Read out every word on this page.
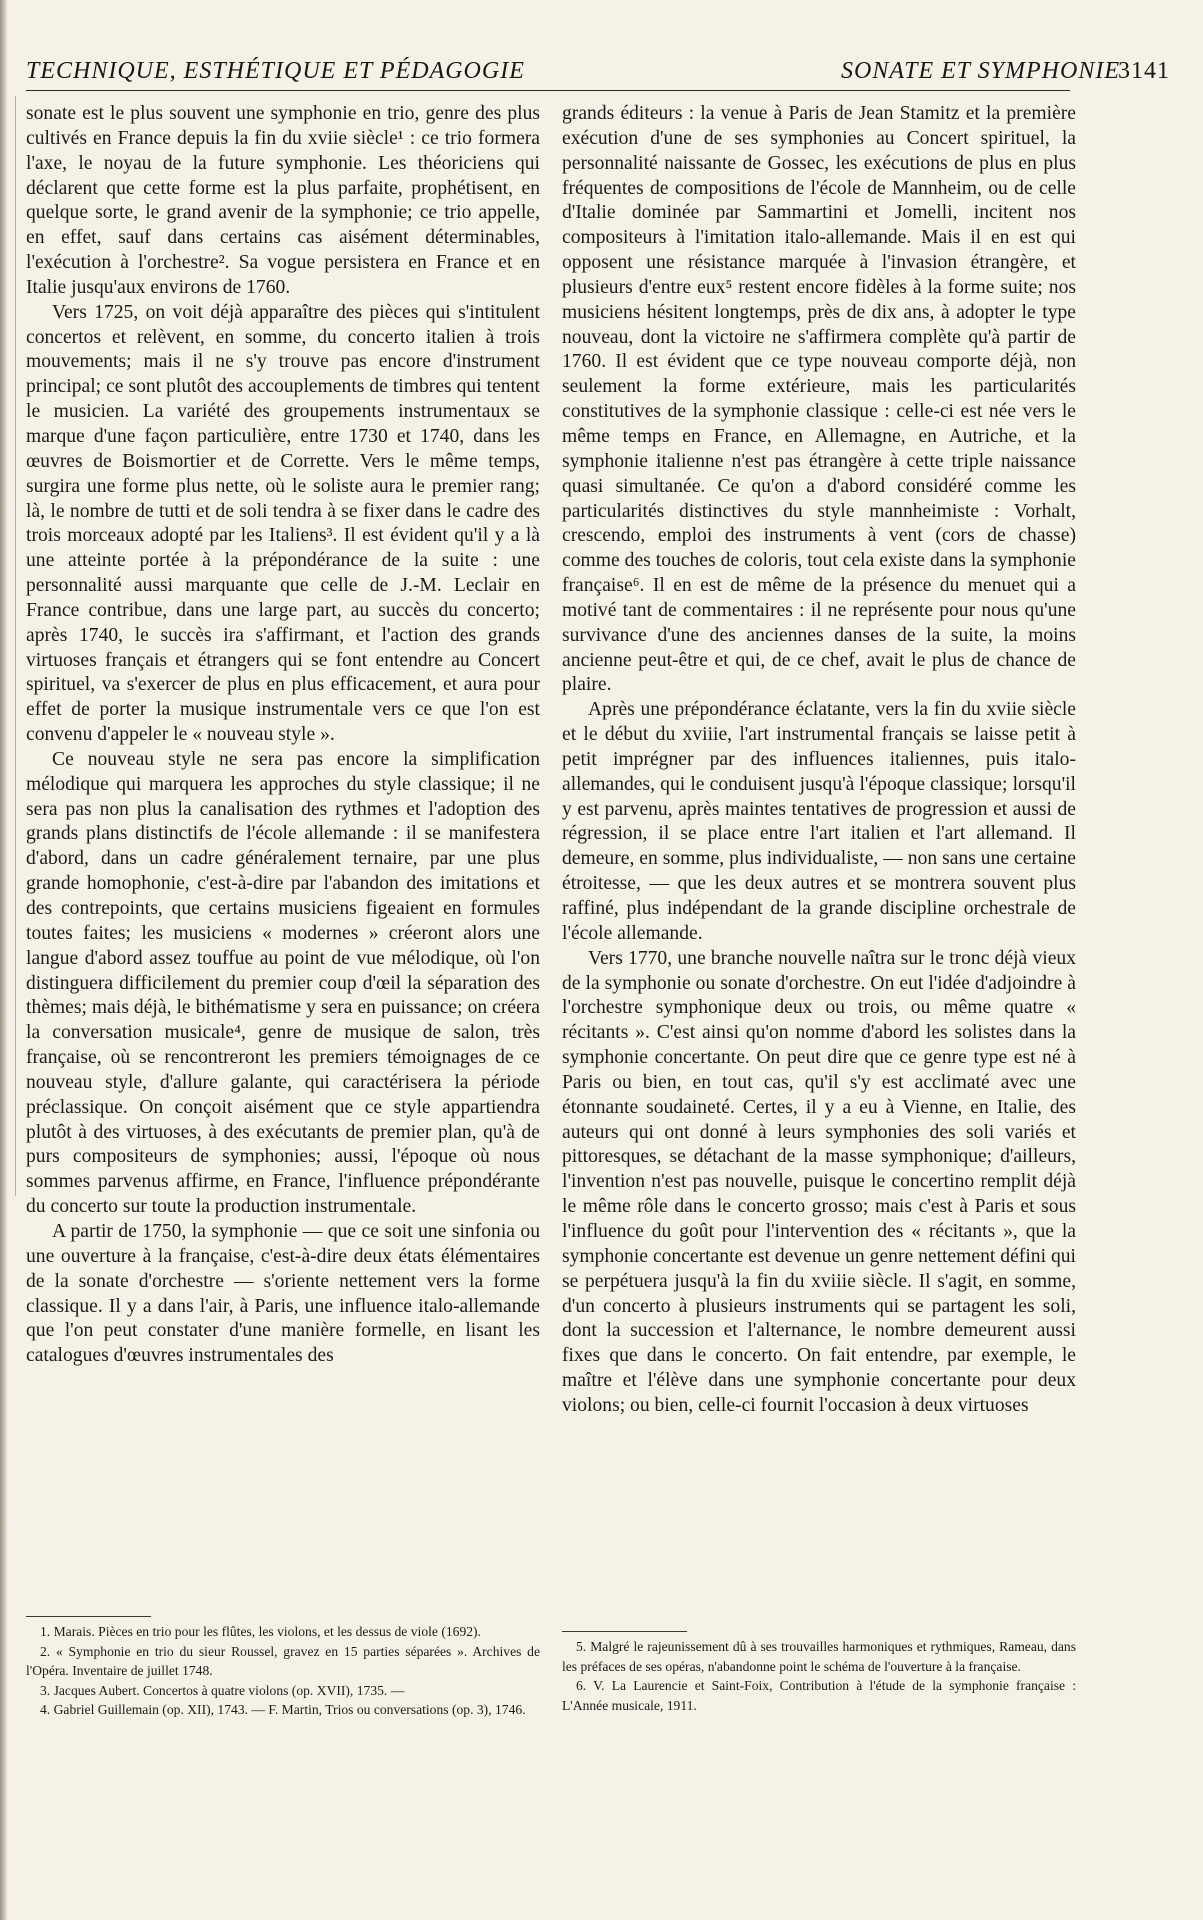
TECHNIQUE, ESTHÉTIQUE ET PÉDAGOGIE	SONATE ET SYMPHONIE
3141

sonate est le plus souvent une symphonie en trio, genre des plus cultivés en France depuis la fin du xviie siècle¹ : ce trio formera l'axe, le noyau de la future symphonie. Les théoriciens qui déclarent que cette forme est la plus parfaite, prophétisent, en quelque sorte, le grand avenir de la symphonie; ce trio appelle, en effet, sauf dans certains cas aisément déterminables, l'exécution à l'orchestre². Sa vogue persistera en France et en Italie jusqu'aux environs de 1760.

Vers 1725, on voit déjà apparaître des pièces qui s'intitulent concertos et relèvent, en somme, du concerto italien à trois mouvements; mais il ne s'y trouve pas encore d'instrument principal; ce sont plutôt des accouplements de timbres qui tentent le musicien. La variété des groupements instrumentaux se marque d'une façon particulière, entre 1730 et 1740, dans les œuvres de Boismortier et de Corrette. Vers le même temps, surgira une forme plus nette, où le soliste aura le premier rang; là, le nombre de tutti et de soli tendra à se fixer dans le cadre des trois morceaux adopté par les Italiens³. Il est évident qu'il y a là une atteinte portée à la prépondérance de la suite : une personnalité aussi marquante que celle de J.-M. Leclair en France contribue, dans une large part, au succès du concerto; après 1740, le succès ira s'affirmant, et l'action des grands virtuoses français et étrangers qui se font entendre au Concert spirituel, va s'exercer de plus en plus efficacement, et aura pour effet de porter la musique instrumentale vers ce que l'on est convenu d'appeler le « nouveau style ».

Ce nouveau style ne sera pas encore la simplification mélodique qui marquera les approches du style classique; il ne sera pas non plus la canalisation des rythmes et l'adoption des grands plans distinctifs de l'école allemande : il se manifestera d'abord, dans un cadre généralement ternaire, par une plus grande homophonie, c'est-à-dire par l'abandon des imitations et des contrepoints, que certains musiciens figeaient en formules toutes faites; les musiciens « modernes » créeront alors une langue d'abord assez touffue au point de vue mélodique, où l'on distinguera difficilement du premier coup d'œil la séparation des thèmes; mais déjà, le bithématisme y sera en puissance; on créera la conversation musicale⁴, genre de musique de salon, très française, où se rencontreront les premiers témoignages de ce nouveau style, d'allure galante, qui caractérisera la période préclassique. On conçoit aisément que ce style appartiendra plutôt à des virtuoses, à des exécutants de premier plan, qu'à de purs compositeurs de symphonies; aussi, l'époque où nous sommes parvenus affirme, en France, l'influence prépondérante du concerto sur toute la production instrumentale.

A partir de 1750, la symphonie — que ce soit une sinfonia ou une ouverture à la française, c'est-à-dire deux états élémentaires de la sonate d'orchestre — s'oriente nettement vers la forme classique. Il y a dans l'air, à Paris, une influence italo-allemande que l'on peut constater d'une manière formelle, en lisant les catalogues d'œuvres instrumentales des

grands éditeurs : la venue à Paris de Jean Stamitz et la première exécution d'une de ses symphonies au Concert spirituel, la personnalité naissante de Gossec, les exécutions de plus en plus fréquentes de compositions de l'école de Mannheim, ou de celle d'Italie dominée par Sammartini et Jomelli, incitent nos compositeurs à l'imitation italo-allemande. Mais il en est qui opposent une résistance marquée à l'invasion étrangère, et plusieurs d'entre eux⁵ restent encore fidèles à la forme suite; nos musiciens hésitent longtemps, près de dix ans, à adopter le type nouveau, dont la victoire ne s'affirmera complète qu'à partir de 1760. Il est évident que ce type nouveau comporte déjà, non seulement la forme extérieure, mais les particularités constitutives de la symphonie classique : celle-ci est née vers le même temps en France, en Allemagne, en Autriche, et la symphonie italienne n'est pas étrangère à cette triple naissance quasi simultanée. Ce qu'on a d'abord considéré comme les particularités distinctives du style mannheimiste : Vorhalt, crescendo, emploi des instruments à vent (cors de chasse) comme des touches de coloris, tout cela existe dans la symphonie française⁶. Il en est de même de la présence du menuet qui a motivé tant de commentaires : il ne représente pour nous qu'une survivance d'une des anciennes danses de la suite, la moins ancienne peut-être et qui, de ce chef, avait le plus de chance de plaire.

Après une prépondérance éclatante, vers la fin du xviie siècle et le début du xviiie, l'art instrumental français se laisse petit à petit imprégner par des influences italiennes, puis italo-allemandes, qui le conduisent jusqu'à l'époque classique; lorsqu'il y est parvenu, après maintes tentatives de progression et aussi de régression, il se place entre l'art italien et l'art allemand. Il demeure, en somme, plus individualiste, — non sans une certaine étroitesse, — que les deux autres et se montrera souvent plus raffiné, plus indépendant de la grande discipline orchestrale de l'école allemande.

Vers 1770, une branche nouvelle naîtra sur le tronc déjà vieux de la symphonie ou sonate d'orchestre. On eut l'idée d'adjoindre à l'orchestre symphonique deux ou trois, ou même quatre « récitants ». C'est ainsi qu'on nomme d'abord les solistes dans la symphonie concertante. On peut dire que ce genre type est né à Paris ou bien, en tout cas, qu'il s'y est acclimaté avec une étonnante soudaineté. Certes, il y a eu à Vienne, en Italie, des auteurs qui ont donné à leurs symphonies des soli variés et pittoresques, se détachant de la masse symphonique; d'ailleurs, l'invention n'est pas nouvelle, puisque le concertino remplit déjà le même rôle dans le concerto grosso; mais c'est à Paris et sous l'influence du goût pour l'intervention des « récitants », que la symphonie concertante est devenue un genre nettement défini qui se perpétuera jusqu'à la fin du xviiie siècle. Il s'agit, en somme, d'un concerto à plusieurs instruments qui se partagent les soli, dont la succession et l'alternance, le nombre demeurent aussi fixes que dans le concerto. On fait entendre, par exemple, le maître et l'élève dans une symphonie concertante pour deux violons; ou bien, celle-ci fournit l'occasion à deux virtuoses

1. Marais. Pièces en trio pour les flûtes, les violons, et les dessus de viole (1692).

2. « Symphonie en trio du sieur Roussel, gravez en 15 parties séparées ». Archives de l'Opéra. Inventaire de juillet 1748.

3. Jacques Aubert. Concertos à quatre violons (op. XVII), 1735. —

4. Gabriel Guillemain (op. XII), 1743. — F. Martin, Trios ou conversations (op. 3), 1746.

5. Malgré le rajeunissement dû à ses trouvailles harmoniques et rythmiques, Rameau, dans les préfaces de ses opéras, n'abandonne point le schéma de l'ouverture à la française.

6. V. La Laurencie et Saint-Foix, Contribution à l'étude de la symphonie française : L'Année musicale, 1911.
